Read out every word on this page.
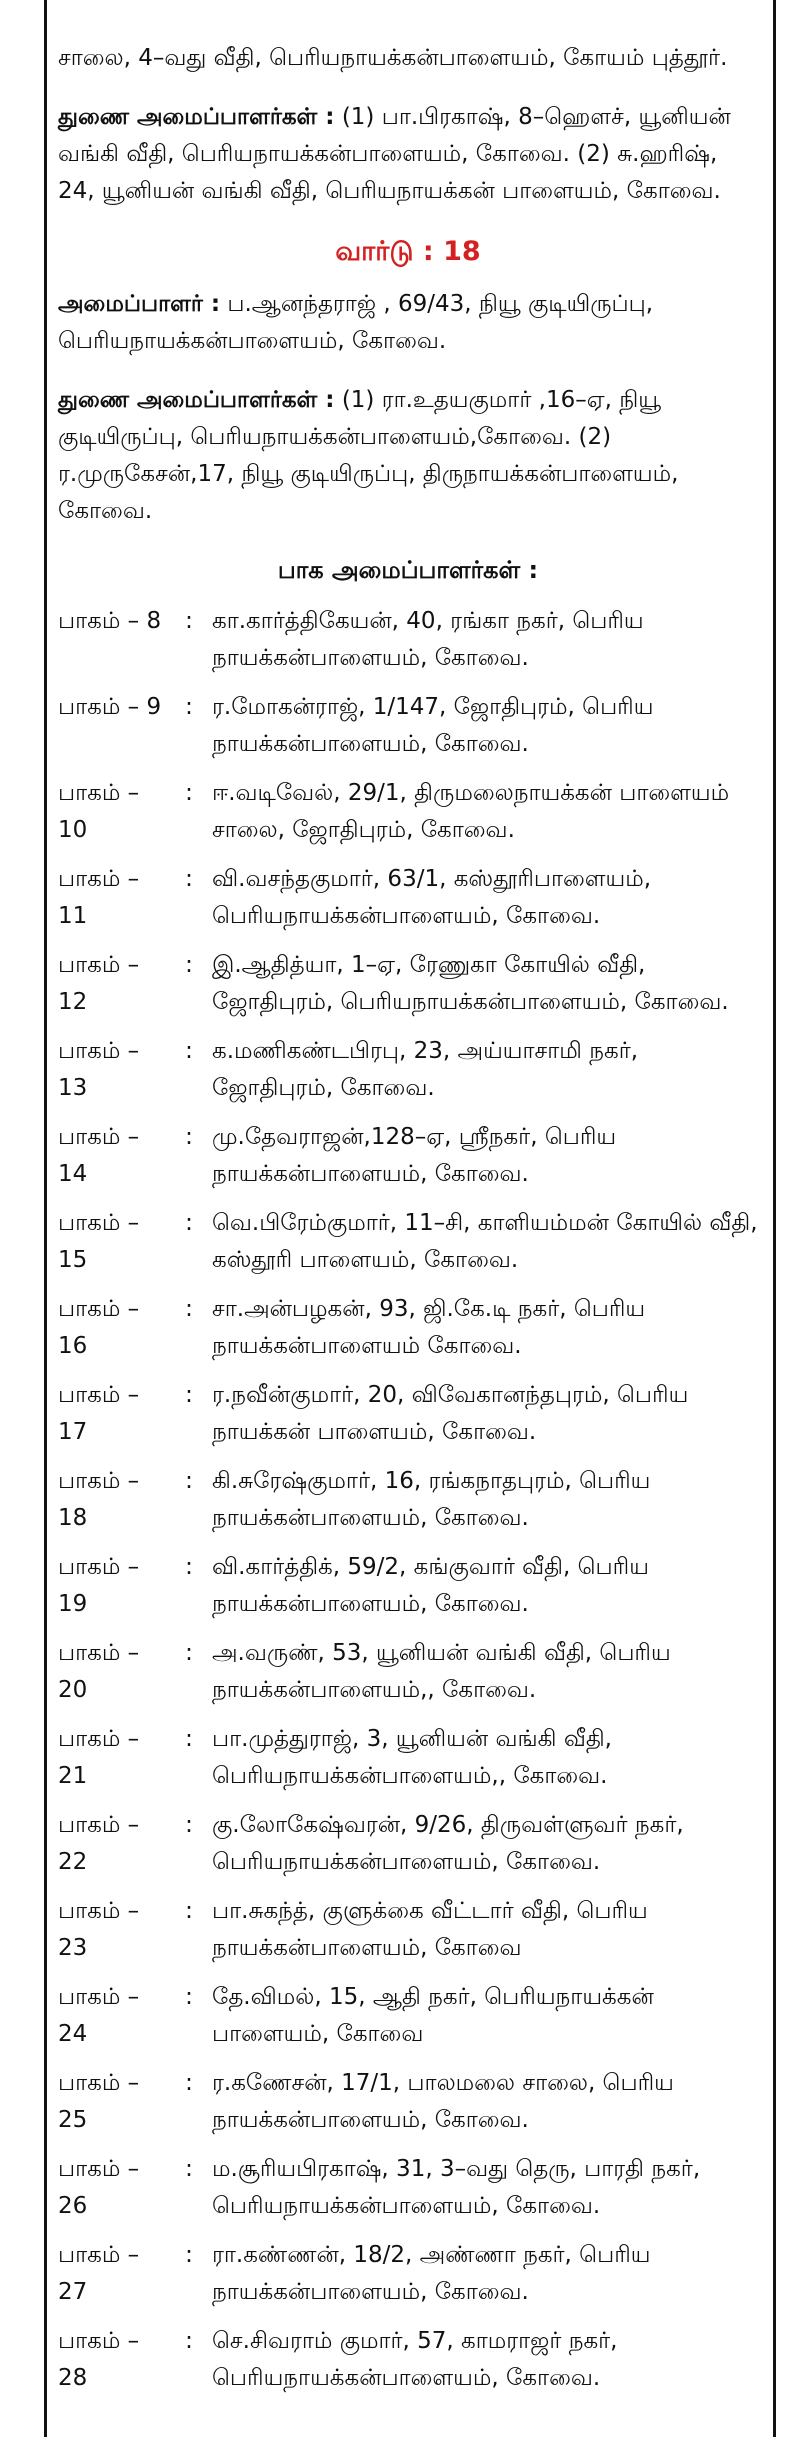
சாலை, 4–வது வீதி, பெரியநாயக்கன்பாளையம், கோயம் புத்தூர்.

துணை அமைப்பாளர்கள் : (1) பா.பிரகாஷ், 8–ஹௌச், யூனியன் வங்கி வீதி, பெரியநாயக்கன்பாளையம், கோவை. (2) சு.ஹரிஷ், 24, யூனியன் வங்கி வீதி, பெரியநாயக்கன் பாளையம், கோவை.

வார்டு : 18

அமைப்பாளர் : ப.ஆனந்தராஜ் , 69/43, நியூ குடியிருப்பு, பெரியநாயக்கன்பாளையம், கோவை.

துணை அமைப்பாளர்கள் : (1) ரா.உதயகுமார் ,16–ஏ, நியூ குடியிருப்பு, பெரியநாயக்கன்பாளையம்,கோவை. (2) ர.முருகேசன்,17, நியூ குடியிருப்பு, திருநாயக்கன்பாளையம், கோவை.

பாக அமைப்பாளர்கள் :
பாகம் – 8	: கா.கார்த்திகேயன், 40, ரங்கா நகர், பெரிய நாயக்கன்பாளையம், கோவை.
பாகம் – 9	: ர.மோகன்ராஜ், 1/147, ஜோதிபுரம், பெரிய நாயக்கன்பாளையம், கோவை.
பாகம் – 10
: ஈ.வடிவேல், 29/1, திருமலைநாயக்கன் பாளையம் சாலை, ஜோதிபுரம், கோவை.
பாகம் – 11
: வி.வசந்தகுமார், 63/1, கஸ்தூரிபாளையம், பெரியநாயக்கன்பாளையம், கோவை.
பாகம் – 12
: இ.ஆதித்யா, 1–ஏ, ரேணுகா கோயில் வீதி, ஜோதிபுரம், பெரியநாயக்கன்பாளையம், கோவை.
பாகம் – 13
: க.மணிகண்டபிரபு, 23, அய்யாசாமி நகர், ஜோதிபுரம், கோவை.
பாகம் – 14
: மு.தேவராஜன்,128–ஏ, ஸ்ரீநகர், பெரிய நாயக்கன்பாளையம், கோவை.
பாகம் – 15
: வெ.பிரேம்குமார், 11–சி, காளியம்மன் கோயில் வீதி, கஸ்தூரி பாளையம், கோவை.
பாகம் – 16
: சா.அன்பழகன், 93, ஜி.கே.டி நகர், பெரிய நாயக்கன்பாளையம் கோவை.
பாகம் – 17
: ர.நவீன்குமார், 20, விவேகானந்தபுரம், பெரிய நாயக்கன் பாளையம், கோவை.
பாகம் – 18
: கி.சுரேஷ்குமார், 16, ரங்கநாதபுரம், பெரிய நாயக்கன்பாளையம், கோவை.
பாகம் – 19
: வி.கார்த்திக், 59/2, கங்குவார் வீதி, பெரிய நாயக்கன்பாளையம், கோவை.
பாகம் – 20
: அ.வருண், 53, யூனியன் வங்கி வீதி, பெரிய நாயக்கன்பாளையம்,, கோவை.
பாகம் – 21
: பா.முத்துராஜ், 3, யூனியன் வங்கி வீதி, பெரியநாயக்கன்பாளையம்,, கோவை.
பாகம் – 22
: கு.லோகேஷ்வரன், 9/26, திருவள்ளுவர் நகர், பெரியநாயக்கன்பாளையம், கோவை.
பாகம் – 23
: பா.சுகந்த், குளுக்கை வீட்டார் வீதி, பெரிய நாயக்கன்பாளையம், கோவை
பாகம் – 24
: தே.விமல், 15, ஆதி நகர், பெரியநாயக்கன் பாளையம், கோவை
பாகம் – 25
: ர.கணேசன், 17/1, பாலமலை சாலை, பெரிய நாயக்கன்பாளையம், கோவை.
பாகம் – 26
: ம.சூரியபிரகாஷ், 31, 3–வது தெரு, பாரதி நகர், பெரியநாயக்கன்பாளையம், கோவை.
பாகம் – 27
: ரா.கண்ணன், 18/2, அண்ணா நகர், பெரிய நாயக்கன்பாளையம், கோவை.
பாகம் – 28
: செ.சிவராம் குமார், 57, காமராஜர் நகர், பெரியநாயக்கன்பாளையம், கோவை.
